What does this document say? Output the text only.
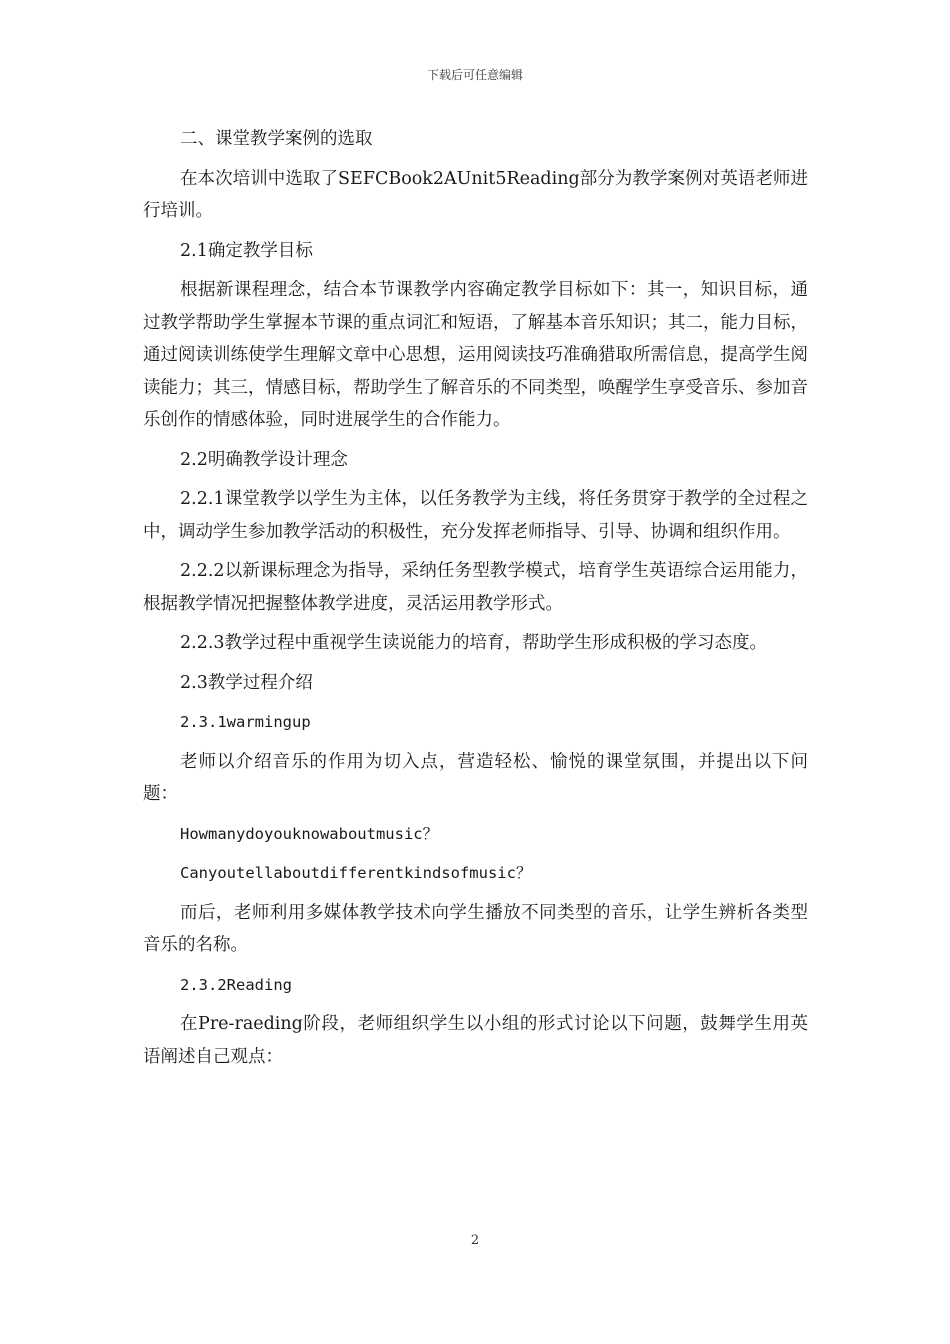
下载后可任意编辑

二、课堂教学案例的选取

在本次培训中选取了SEFCBook2AUnit5Reading部分为教学案例对英语老师进行培训。

2.1确定教学目标

根据新课程理念，结合本节课教学内容确定教学目标如下：其一，知识目标，通过教学帮助学生掌握本节课的重点词汇和短语，了解基本音乐知识；其二，能力目标，通过阅读训练使学生理解文章中心思想，运用阅读技巧准确猎取所需信息，提高学生阅读能力；其三，情感目标，帮助学生了解音乐的不同类型，唤醒学生享受音乐、参加音乐创作的情感体验，同时进展学生的合作能力。

2.2明确教学设计理念

2.2.1课堂教学以学生为主体，以任务教学为主线，将任务贯穿于教学的全过程之中，调动学生参加教学活动的积极性，充分发挥老师指导、引导、协调和组织作用。

2.2.2以新课标理念为指导，采纳任务型教学模式，培育学生英语综合运用能力，根据教学情况把握整体教学进度，灵活运用教学形式。

2.2.3教学过程中重视学生读说能力的培育，帮助学生形成积极的学习态度。

2.3教学过程介绍

2.3.1warmingup

老师以介绍音乐的作用为切入点，营造轻松、愉悦的课堂氛围，并提出以下问题：

Howmanydoyouknowaboutmusic？

Canyoutellaboutdifferentkindsofmusic？

而后，老师利用多媒体教学技术向学生播放不同类型的音乐，让学生辨析各类型音乐的名称。

2.3.2Reading

在Pre-raeding阶段，老师组织学生以小组的形式讨论以下问题，鼓舞学生用英语阐述自己观点：

2
